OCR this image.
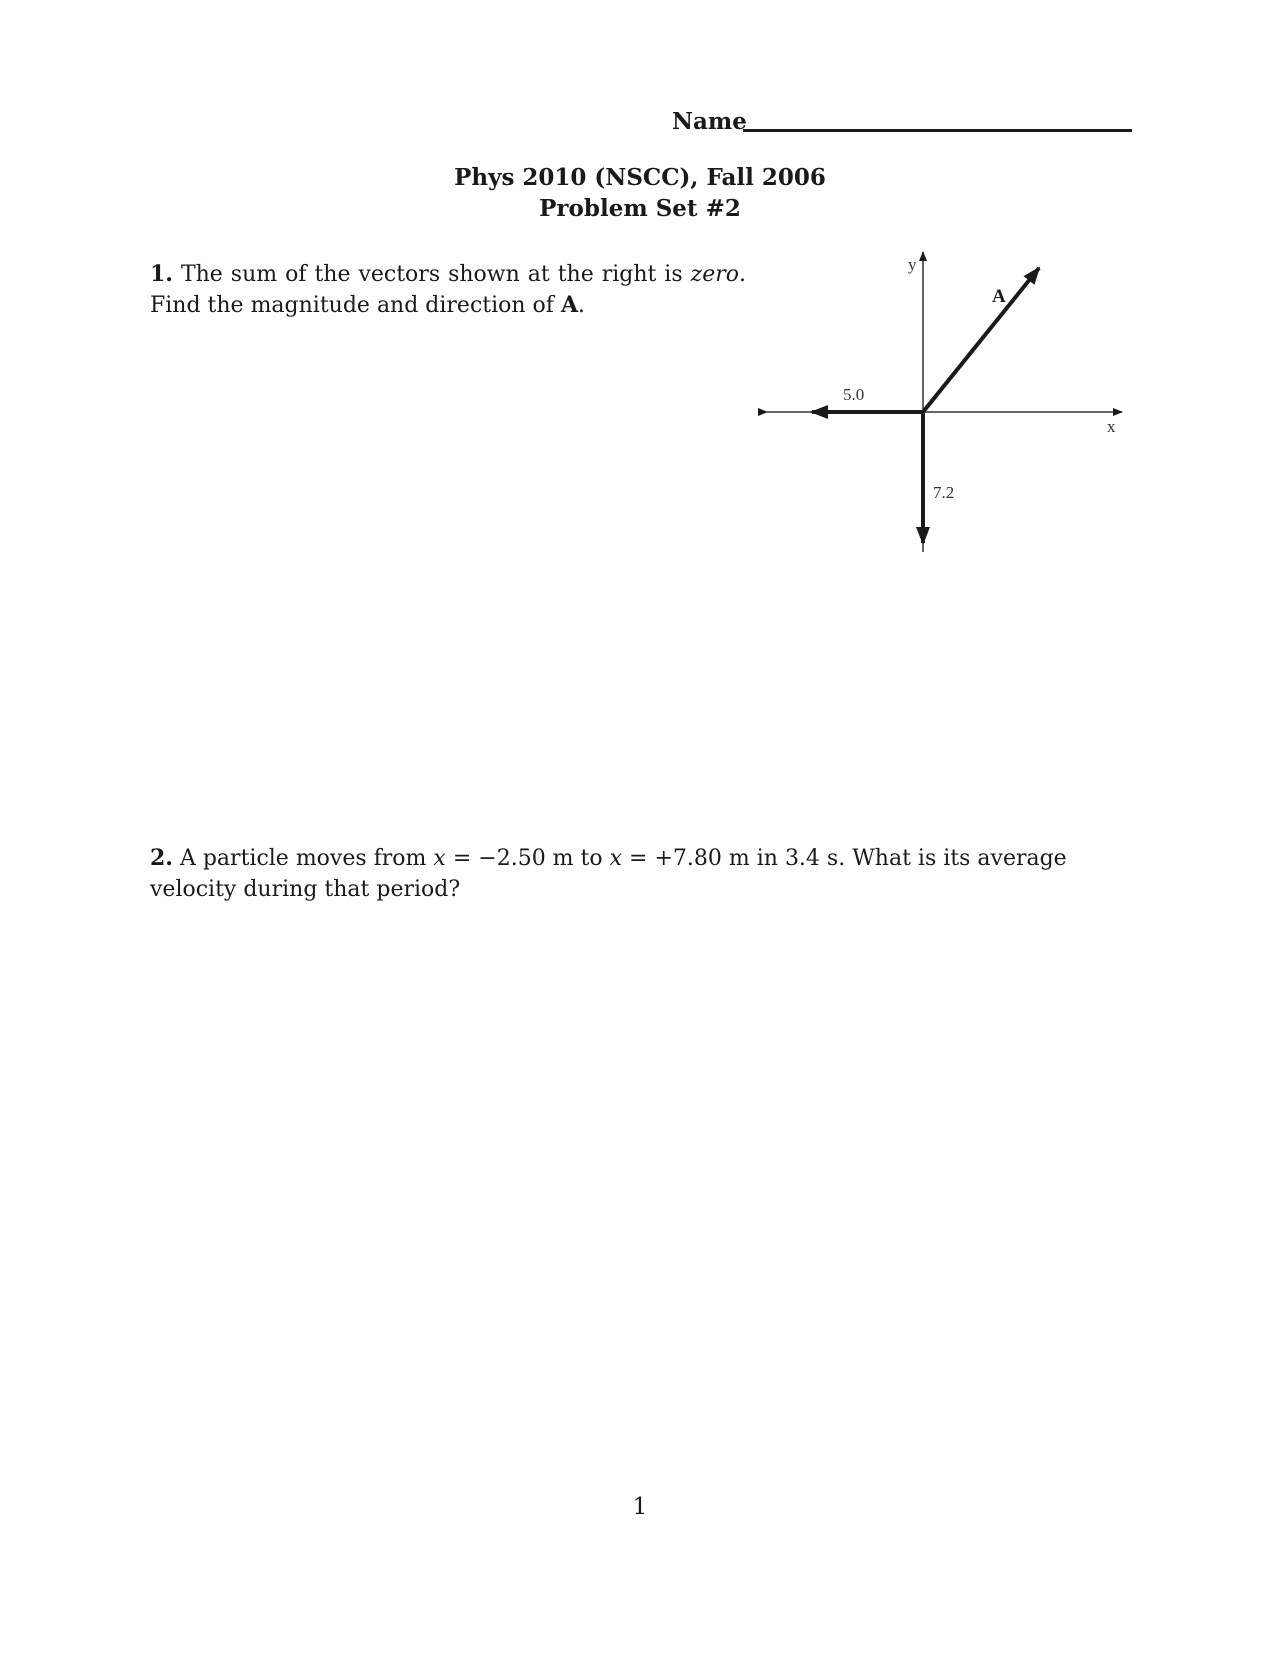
Name
Phys 2010 (NSCC), Fall 2006
Problem Set #2
1. The sum of the vectors shown at the right is zero. Find the magnitude and direction of A.
y
x
A
5.0
7.2
2. A particle moves from x = −2.50 m to x = +7.80 m in 3.4 s. What is its average velocity during that period?
1
